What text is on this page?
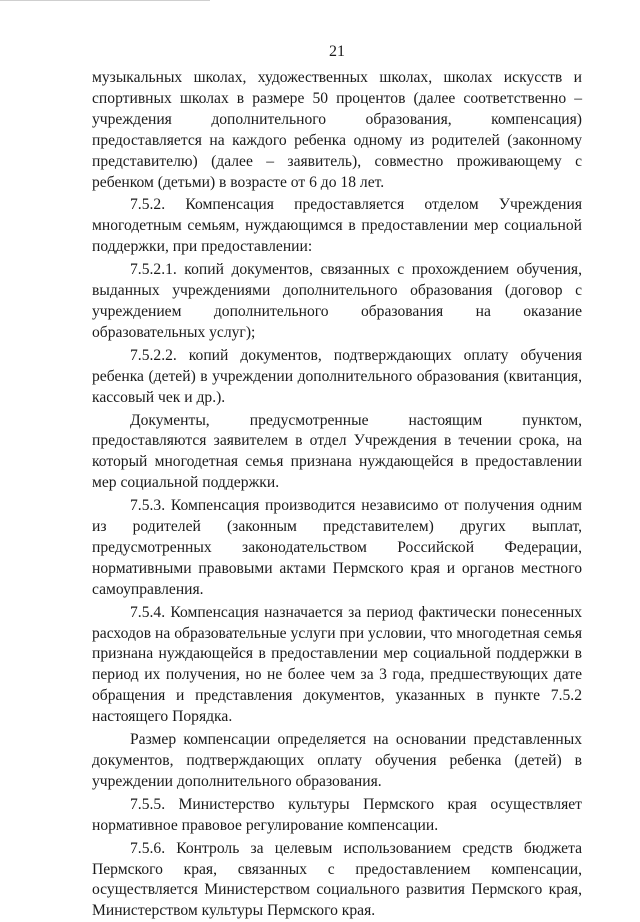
21

музыкальных школах, художественных школах, школах искусств и спортивных школах в размере 50 процентов (далее соответственно – учреждения дополнительного образования, компенсация) предоставляется на каждого ребенка одному из родителей (законному представителю) (далее – заявитель), совместно проживающему с ребенком (детьми) в возрасте от 6 до 18 лет.

7.5.2. Компенсация предоставляется отделом Учреждения многодетным семьям, нуждающимся в предоставлении мер социальной поддержки, при предоставлении:

7.5.2.1. копий документов, связанных с прохождением обучения, выданных учреждениями дополнительного образования (договор с учреждением дополнительного образования на оказание образовательных услуг);

7.5.2.2. копий документов, подтверждающих оплату обучения ребенка (детей) в учреждении дополнительного образования (квитанция, кассовый чек и др.).

Документы, предусмотренные настоящим пунктом, предоставляются заявителем в отдел Учреждения в течении срока, на который многодетная семья признана нуждающейся в предоставлении мер социальной поддержки.

7.5.3. Компенсация производится независимо от получения одним из родителей (законным представителем) других выплат, предусмотренных законодательством Российской Федерации, нормативными правовыми актами Пермского края и органов местного самоуправления.

7.5.4. Компенсация назначается за период фактически понесенных расходов на образовательные услуги при условии, что многодетная семья признана нуждающейся в предоставлении мер социальной поддержки в период их получения, но не более чем за 3 года, предшествующих дате обращения и представления документов, указанных в пункте 7.5.2 настоящего Порядка.

Размер компенсации определяется на основании представленных документов, подтверждающих оплату обучения ребенка (детей) в учреждении дополнительного образования.

7.5.5. Министерство культуры Пермского края осуществляет нормативное правовое регулирование компенсации.

7.5.6. Контроль за целевым использованием средств бюджета Пермского края, связанных с предоставлением компенсации, осуществляется Министерством социального развития Пермского края, Министерством культуры Пермского края.
